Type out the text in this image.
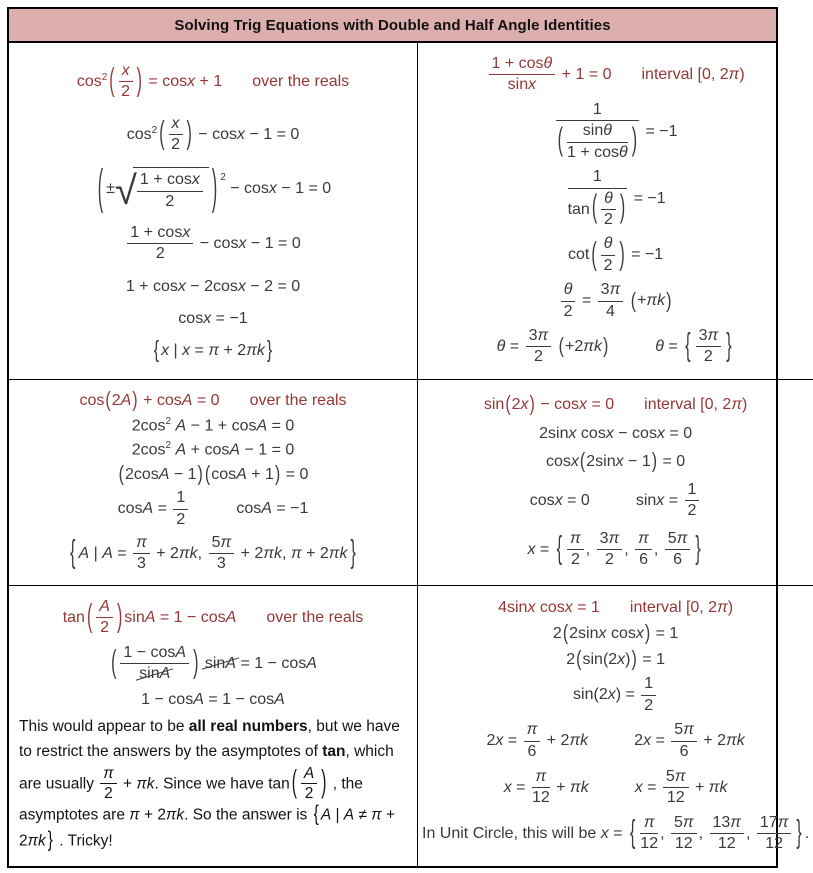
Solving Trig Equations with Double and Half Angle Identities
$\cos^2$ ( $\frac{x}{2}$ ) = cosx + 1 over the reals
$\cos^2$ ( $\frac{x}{2}$ ) − cosx − 1 = 0
( ± √
$\frac{1 + \cos x}{2}$ ) $^2$ − cosx − 1 = 0
$\frac{1 + \cos x}{2} - \cos x - 1 = 0$
1 + cosx − 2cosx − 2 = 0
cosx = −1
{ x | x = π + 2πk }
$\frac{1 + \cos\theta}{\sin x} + 1 = 0$ interval [0, 2π)
$\frac{1}{( \frac{\sin\theta}{1 + \cos\theta} )} = -1$
$\frac{1}{\tan ( \frac{\theta}{2} )} = -1$
cot ( $\frac{\theta}{2}$ ) = −1
$\frac{\theta}{2} = \frac{3\pi}{4} (+\pi k)$
$\theta = \frac{3\pi}{2} (+2\pi k)$	θ = { $\frac{3\pi}{2}$ }
cos(2A) + cosA = 0 over the reals
$2\cos^2$ A − 1 + cosA = 0
$2\cos^2$ A + cosA − 1 = 0
(2cosA − 1) (cosA + 1) = 0
$\cos A = \frac{1}{2}$	cosA = −1
{ A | $A = \frac{\pi}{3} + 2\pi k$, $\frac{5\pi}{3} + 2\pi k$, π + 2πk }
sin(2x) − cosx = 0 interval [0, 2π)
2sinx cosx − cosx = 0
cosx(2sinx − 1) = 0
cosx = 0	$\sin x = \frac{1}{2}$
x = { $\frac{\pi}{2}$ , $\frac{3\pi}{2}$ , $\frac{\pi}{6}$ , $\frac{5\pi}{6}$ }
tan ( $\frac{A}{2}$ ) sinA = 1 − cosA over the reals
( $\frac{1 - \cos A}{\sin A}$ ) sinA = 1 − cosA
1 − cosA = 1 − cosA
This would appear to be all real numbers, but we have to restrict the answers by the asymptotes of tan, which are usually $\frac{\pi}{2} + \pi k$. Since we have tan ( $\frac{A}{2}$ ) , the asymptotes are π + 2πk. So the answer is { A | A ≠ π + 2πk } . Tricky!
4sinx cosx = 1 interval [0, 2π)
2(2sinx cosx) = 1
2(sin(2x)) = 1
$\sin(2x) = \frac{1}{2}$
$2x = \frac{\pi}{6} + 2\pi k$	$2x = \frac{5\pi}{6} + 2\pi k$
$x = \frac{\pi}{12} + \pi k$	$x = \frac{5\pi}{12} + \pi k$
In Unit Circle, this will be x = { $\frac{\pi}{12}$ , $\frac{5\pi}{12}$ , $\frac{13\pi}{12}$ , $\frac{17\pi}{12}$ } .
